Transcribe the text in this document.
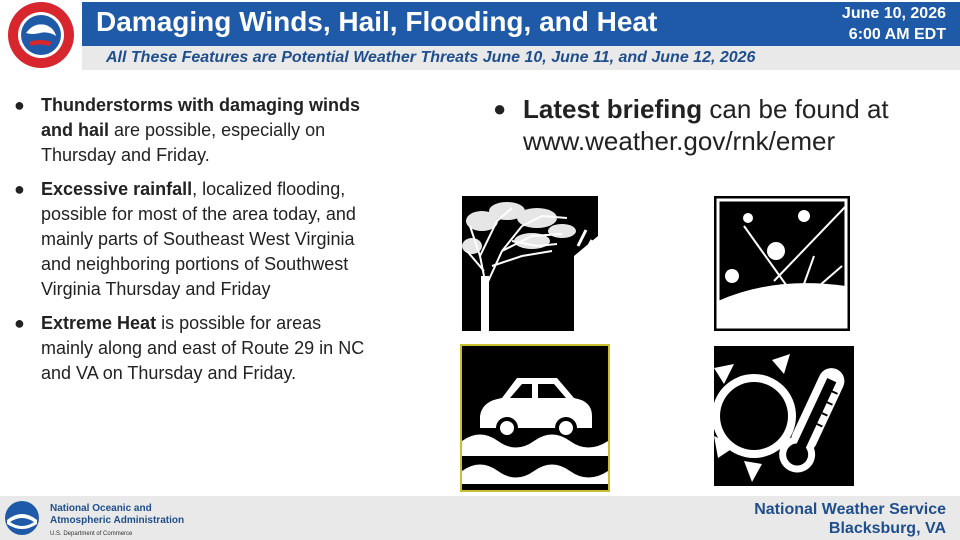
Damaging Winds, Hail, Flooding, and Heat	June 10, 2026
6:00 AM EDT
All These Features are Potential Weather Threats June 10, June 11, and June 12, 2026
● Thunderstorms with damaging winds and hail are possible, especially on Thursday and Friday.
● Excessive rainfall, localized flooding, possible for most of the area today, and mainly parts of Southeast West Virginia and neighboring portions of Southwest Virginia Thursday and Friday
● Extreme Heat is possible for areas mainly along and east of Route 29 in NC and VA on Thursday and Friday.
● Latest briefing can be found at www.weather.gov/rnk/emer
National Oceanic and
Atmospheric Administration
U.S. Department of Commerce
National Weather Service
Blacksburg, VA
